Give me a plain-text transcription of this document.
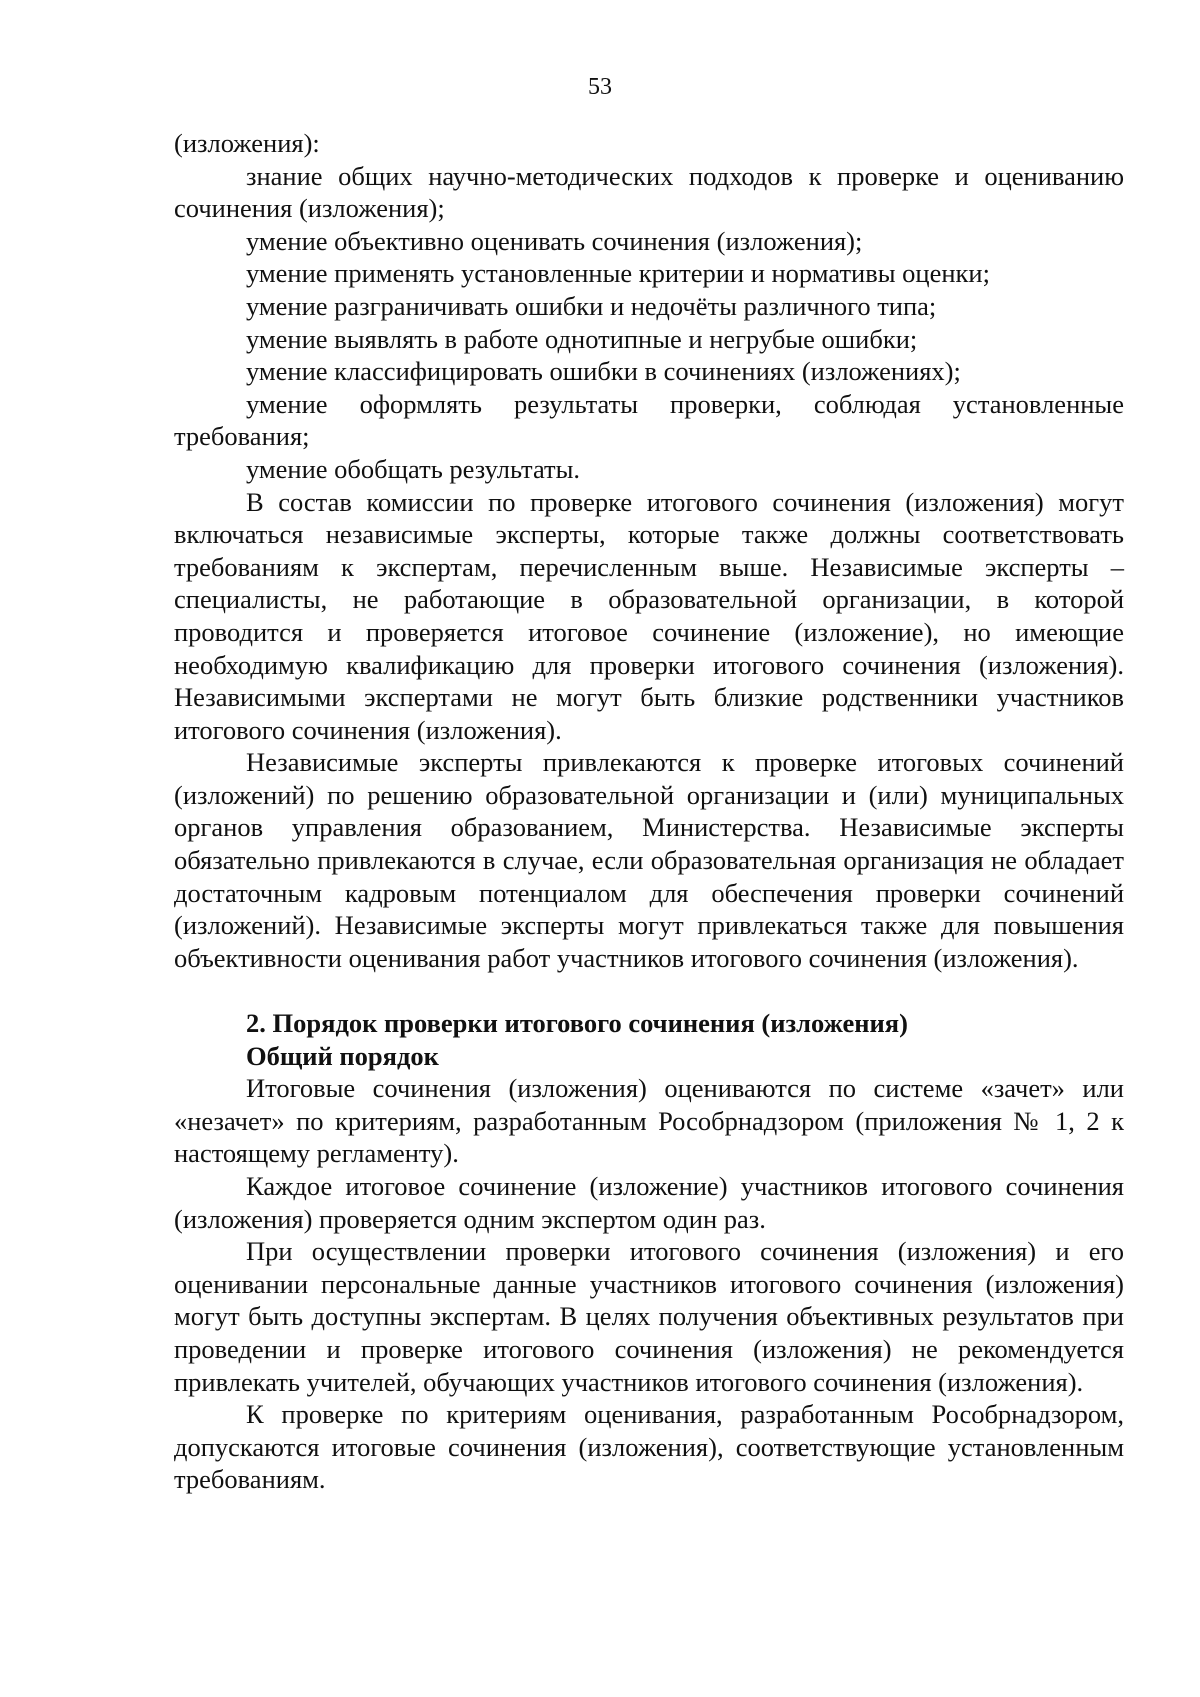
53

(изложения):

знание общих научно-методических подходов к проверке и оцениванию сочинения (изложения);

умение объективно оценивать сочинения (изложения);

умение применять установленные критерии и нормативы оценки;

умение разграничивать ошибки и недочёты различного типа;

умение выявлять в работе однотипные и негрубые ошибки;

умение классифицировать ошибки в сочинениях (изложениях);

умение оформлять результаты проверки, соблюдая установленные требования;

умение обобщать результаты.

В состав комиссии по проверке итогового сочинения (изложения) могут включаться независимые эксперты, которые также должны соответствовать требованиям к экспертам, перечисленным выше. Независимые эксперты – специалисты, не работающие в образовательной организации, в которой проводится и проверяется итоговое сочинение (изложение), но имеющие необходимую квалификацию для проверки итогового сочинения (изложения). Независимыми экспертами не могут быть близкие родственники участников итогового сочинения (изложения).

Независимые эксперты привлекаются к проверке итоговых сочинений (изложений) по решению образовательной организации и (или) муниципальных органов управления образованием, Министерства. Независимые эксперты обязательно привлекаются в случае, если образовательная организация не обладает достаточным кадровым потенциалом для обеспечения проверки сочинений (изложений). Независимые эксперты могут привлекаться также для повышения объективности оценивания работ участников итогового сочинения (изложения).

2. Порядок проверки итогового сочинения (изложения)
Общий порядок

Итоговые сочинения (изложения) оцениваются по системе «зачет» или «незачет» по критериям, разработанным Рособрнадзором (приложения № 1, 2 к настоящему регламенту).

Каждое итоговое сочинение (изложение) участников итогового сочинения (изложения) проверяется одним экспертом один раз.

При осуществлении проверки итогового сочинения (изложения) и его оценивании персональные данные участников итогового сочинения (изложения) могут быть доступны экспертам. В целях получения объективных результатов при проведении и проверке итогового сочинения (изложения) не рекомендуется привлекать учителей, обучающих участников итогового сочинения (изложения).

К проверке по критериям оценивания, разработанным Рособрнадзором, допускаются итоговые сочинения (изложения), соответствующие установленным требованиям.
